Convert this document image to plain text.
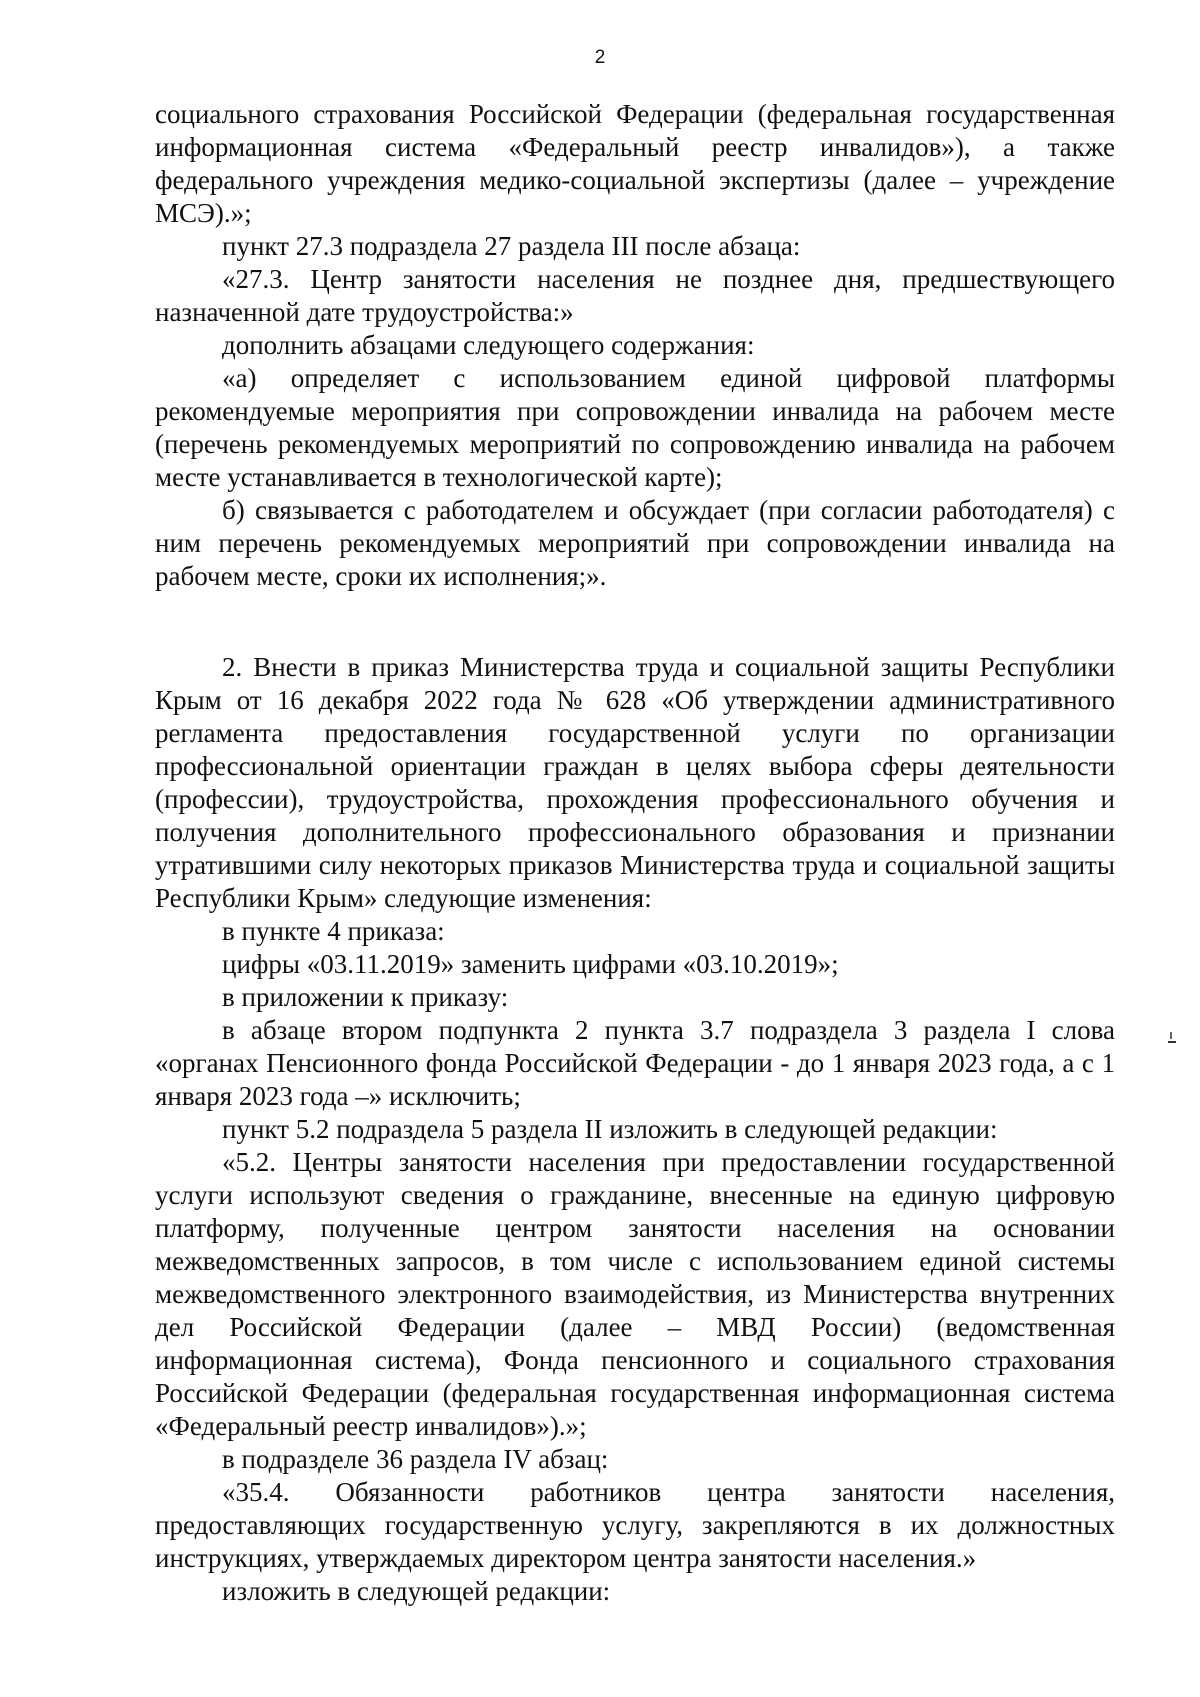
2

социального страхования Российской Федерации (федеральная государственная информационная система «Федеральный реестр инвалидов»), а также федерального учреждения медико-социальной экспертизы (далее – учреждение МСЭ).»;

пункт 27.3 подраздела 27 раздела III после абзаца:

«27.3. Центр занятости населения не позднее дня, предшествующего назначенной дате трудоустройства:»

дополнить абзацами следующего содержания:

«а) определяет с использованием единой цифровой платформы рекомендуемые мероприятия при сопровождении инвалида на рабочем месте (перечень рекомендуемых мероприятий по сопровождению инвалида на рабочем месте устанавливается в технологической карте);

б) связывается с работодателем и обсуждает (при согласии работодателя) с ним перечень рекомендуемых мероприятий при сопровождении инвалида на рабочем месте, сроки их исполнения;».

2. Внести в приказ Министерства труда и социальной защиты Республики Крым от 16 декабря 2022 года № 628 «Об утверждении административного регламента предоставления государственной услуги по организации профессиональной ориентации граждан в целях выбора сферы деятельности (профессии), трудоустройства, прохождения профессионального обучения и получения дополнительного профессионального образования и признании утратившими силу некоторых приказов Министерства труда и социальной защиты Республики Крым» следующие изменения:

в пункте 4 приказа:

цифры «03.11.2019» заменить цифрами «03.10.2019»;

в приложении к приказу:

в абзаце втором подпункта 2 пункта 3.7 подраздела 3 раздела I слова «органах Пенсионного фонда Российской Федерации - до 1 января 2023 года, а с 1 января 2023 года –» исключить;

пункт 5.2 подраздела 5 раздела II изложить в следующей редакции:

«5.2. Центры занятости населения при предоставлении государственной услуги используют сведения о гражданине, внесенные на единую цифровую платформу, полученные центром занятости населения на основании межведомственных запросов, в том числе с использованием единой системы межведомственного электронного взаимодействия, из Министерства внутренних дел Российской Федерации (далее – МВД России) (ведомственная информационная система), Фонда пенсионного и социального страхования Российской Федерации (федеральная государственная информационная система «Федеральный реестр инвалидов»).»;

в подразделе 36 раздела IV абзац:

«35.4. Обязанности работников центра занятости населения, предоставляющих государственную услугу, закрепляются в их должностных инструкциях, утверждаемых директором центра занятости населения.»

изложить в следующей редакции:
